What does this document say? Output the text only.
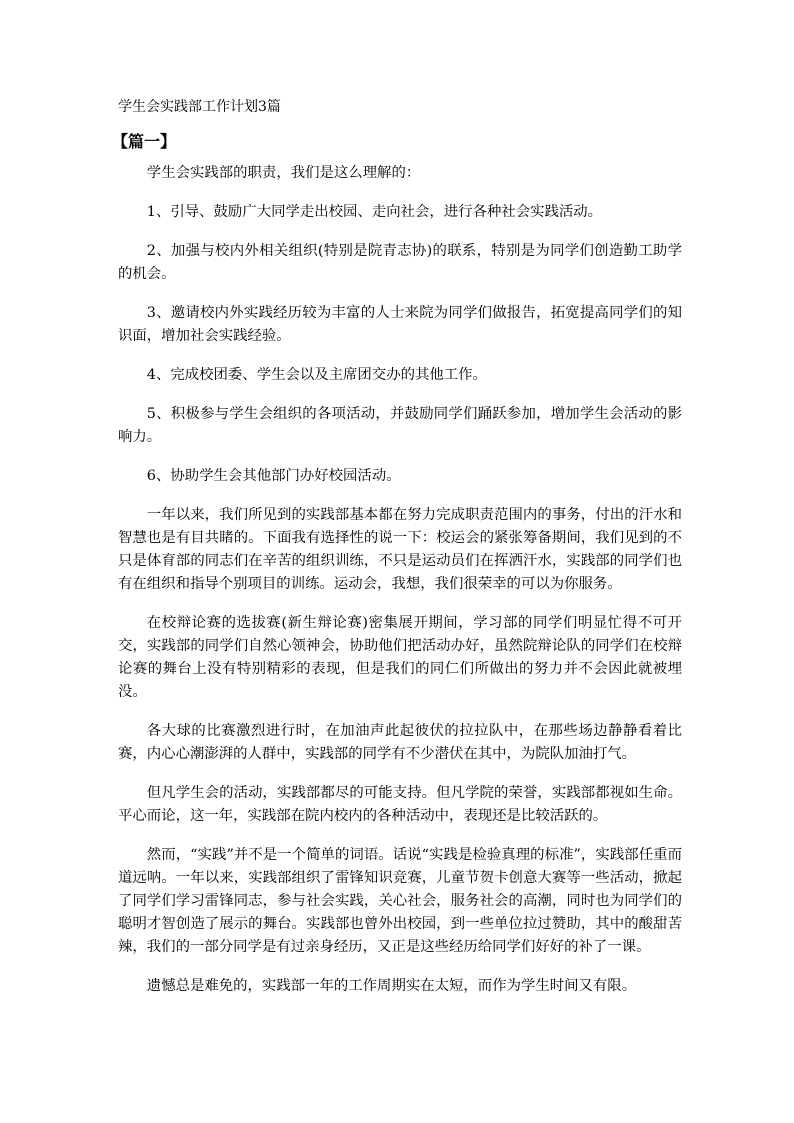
学生会实践部工作计划3篇
【篇一】

学生会实践部的职责，我们是这么理解的：

1、引导、鼓励广大同学走出校园、走向社会，进行各种社会实践活动。

2、加强与校内外相关组织(特别是院青志协)的联系，特别是为同学们创造勤工助学的机会。

3、邀请校内外实践经历较为丰富的人士来院为同学们做报告，拓宽提高同学们的知识面，增加社会实践经验。

4、完成校团委、学生会以及主席团交办的其他工作。

5、积极参与学生会组织的各项活动，并鼓励同学们踊跃参加，增加学生会活动的影响力。

6、协助学生会其他部门办好校园活动。

一年以来，我们所见到的实践部基本都在努力完成职责范围内的事务，付出的汗水和智慧也是有目共睹的。下面我有选择性的说一下：校运会的紧张筹备期间，我们见到的不只是体育部的同志们在辛苦的组织训练，不只是运动员们在挥洒汗水，实践部的同学们也有在组织和指导个别项目的训练。运动会，我想，我们很荣幸的可以为你服务。

在校辩论赛的选拔赛(新生辩论赛)密集展开期间，学习部的同学们明显忙得不可开交，实践部的同学们自然心领神会，协助他们把活动办好，虽然院辩论队的同学们在校辩论赛的舞台上没有特别精彩的表现，但是我们的同仁们所做出的努力并不会因此就被埋没。

各大球的比赛激烈进行时，在加油声此起彼伏的拉拉队中，在那些场边静静看着比赛，内心心潮澎湃的人群中，实践部的同学有不少潜伏在其中，为院队加油打气。

但凡学生会的活动，实践部都尽的可能支持。但凡学院的荣誉，实践部都视如生命。平心而论，这一年，实践部在院内校内的各种活动中，表现还是比较活跃的。

然而，“实践”并不是一个简单的词语。话说“实践是检验真理的标准”，实践部任重而道远呐。一年以来，实践部组织了雷锋知识竞赛，儿童节贺卡创意大赛等一些活动，掀起了同学们学习雷锋同志，参与社会实践，关心社会，服务社会的高潮，同时也为同学们的聪明才智创造了展示的舞台。实践部也曾外出校园，到一些单位拉过赞助，其中的酸甜苦辣，我们的一部分同学是有过亲身经历，又正是这些经历给同学们好好的补了一课。

遗憾总是难免的，实践部一年的工作周期实在太短，而作为学生时间又有限。
